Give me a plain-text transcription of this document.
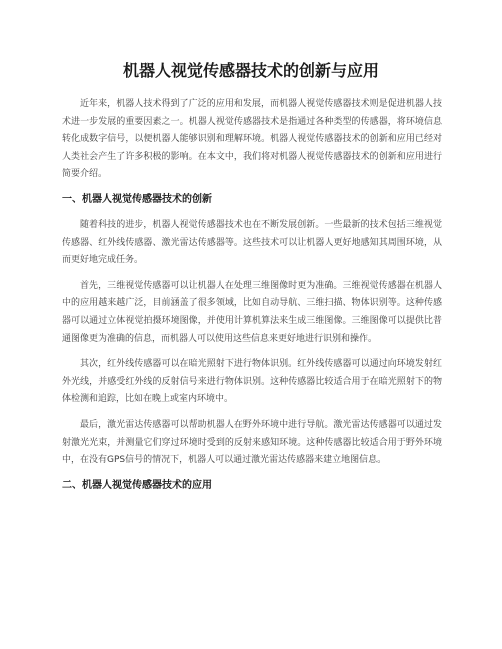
机器人视觉传感器技术的创新与应用

近年来，机器人技术得到了广泛的应用和发展，而机器人视觉传感器技术则是促进机器人技术进一步发展的重要因素之一。机器人视觉传感器技术是指通过各种类型的传感器，将环境信息转化成数字信号，以便机器人能够识别和理解环境。机器人视觉传感器技术的创新和应用已经对人类社会产生了许多积极的影响。在本文中，我们将对机器人视觉传感器技术的创新和应用进行简要介绍。

一、机器人视觉传感器技术的创新

随着科技的进步，机器人视觉传感器技术也在不断发展创新。一些最新的技术包括三维视觉传感器、红外线传感器、激光雷达传感器等。这些技术可以让机器人更好地感知其周围环境，从而更好地完成任务。

首先，三维视觉传感器可以让机器人在处理三维图像时更为准确。三维视觉传感器在机器人中的应用越来越广泛，目前涵盖了很多领域，比如自动导航、三维扫描、物体识别等。这种传感器可以通过立体视觉拍摄环境图像，并使用计算机算法来生成三维图像。三维图像可以提供比普通图像更为准确的信息，而机器人可以使用这些信息来更好地进行识别和操作。

其次，红外线传感器可以在暗光照射下进行物体识别。红外线传感器可以通过向环境发射红外光线，并感受红外线的反射信号来进行物体识别。这种传感器比较适合用于在暗光照射下的物体检测和追踪，比如在晚上或室内环境中。

最后，激光雷达传感器可以帮助机器人在野外环境中进行导航。激光雷达传感器可以通过发射激光光束，并测量它们穿过环境时受到的反射来感知环境。这种传感器比较适合用于野外环境中，在没有GPS信号的情况下，机器人可以通过激光雷达传感器来建立地图信息。

二、机器人视觉传感器技术的应用
